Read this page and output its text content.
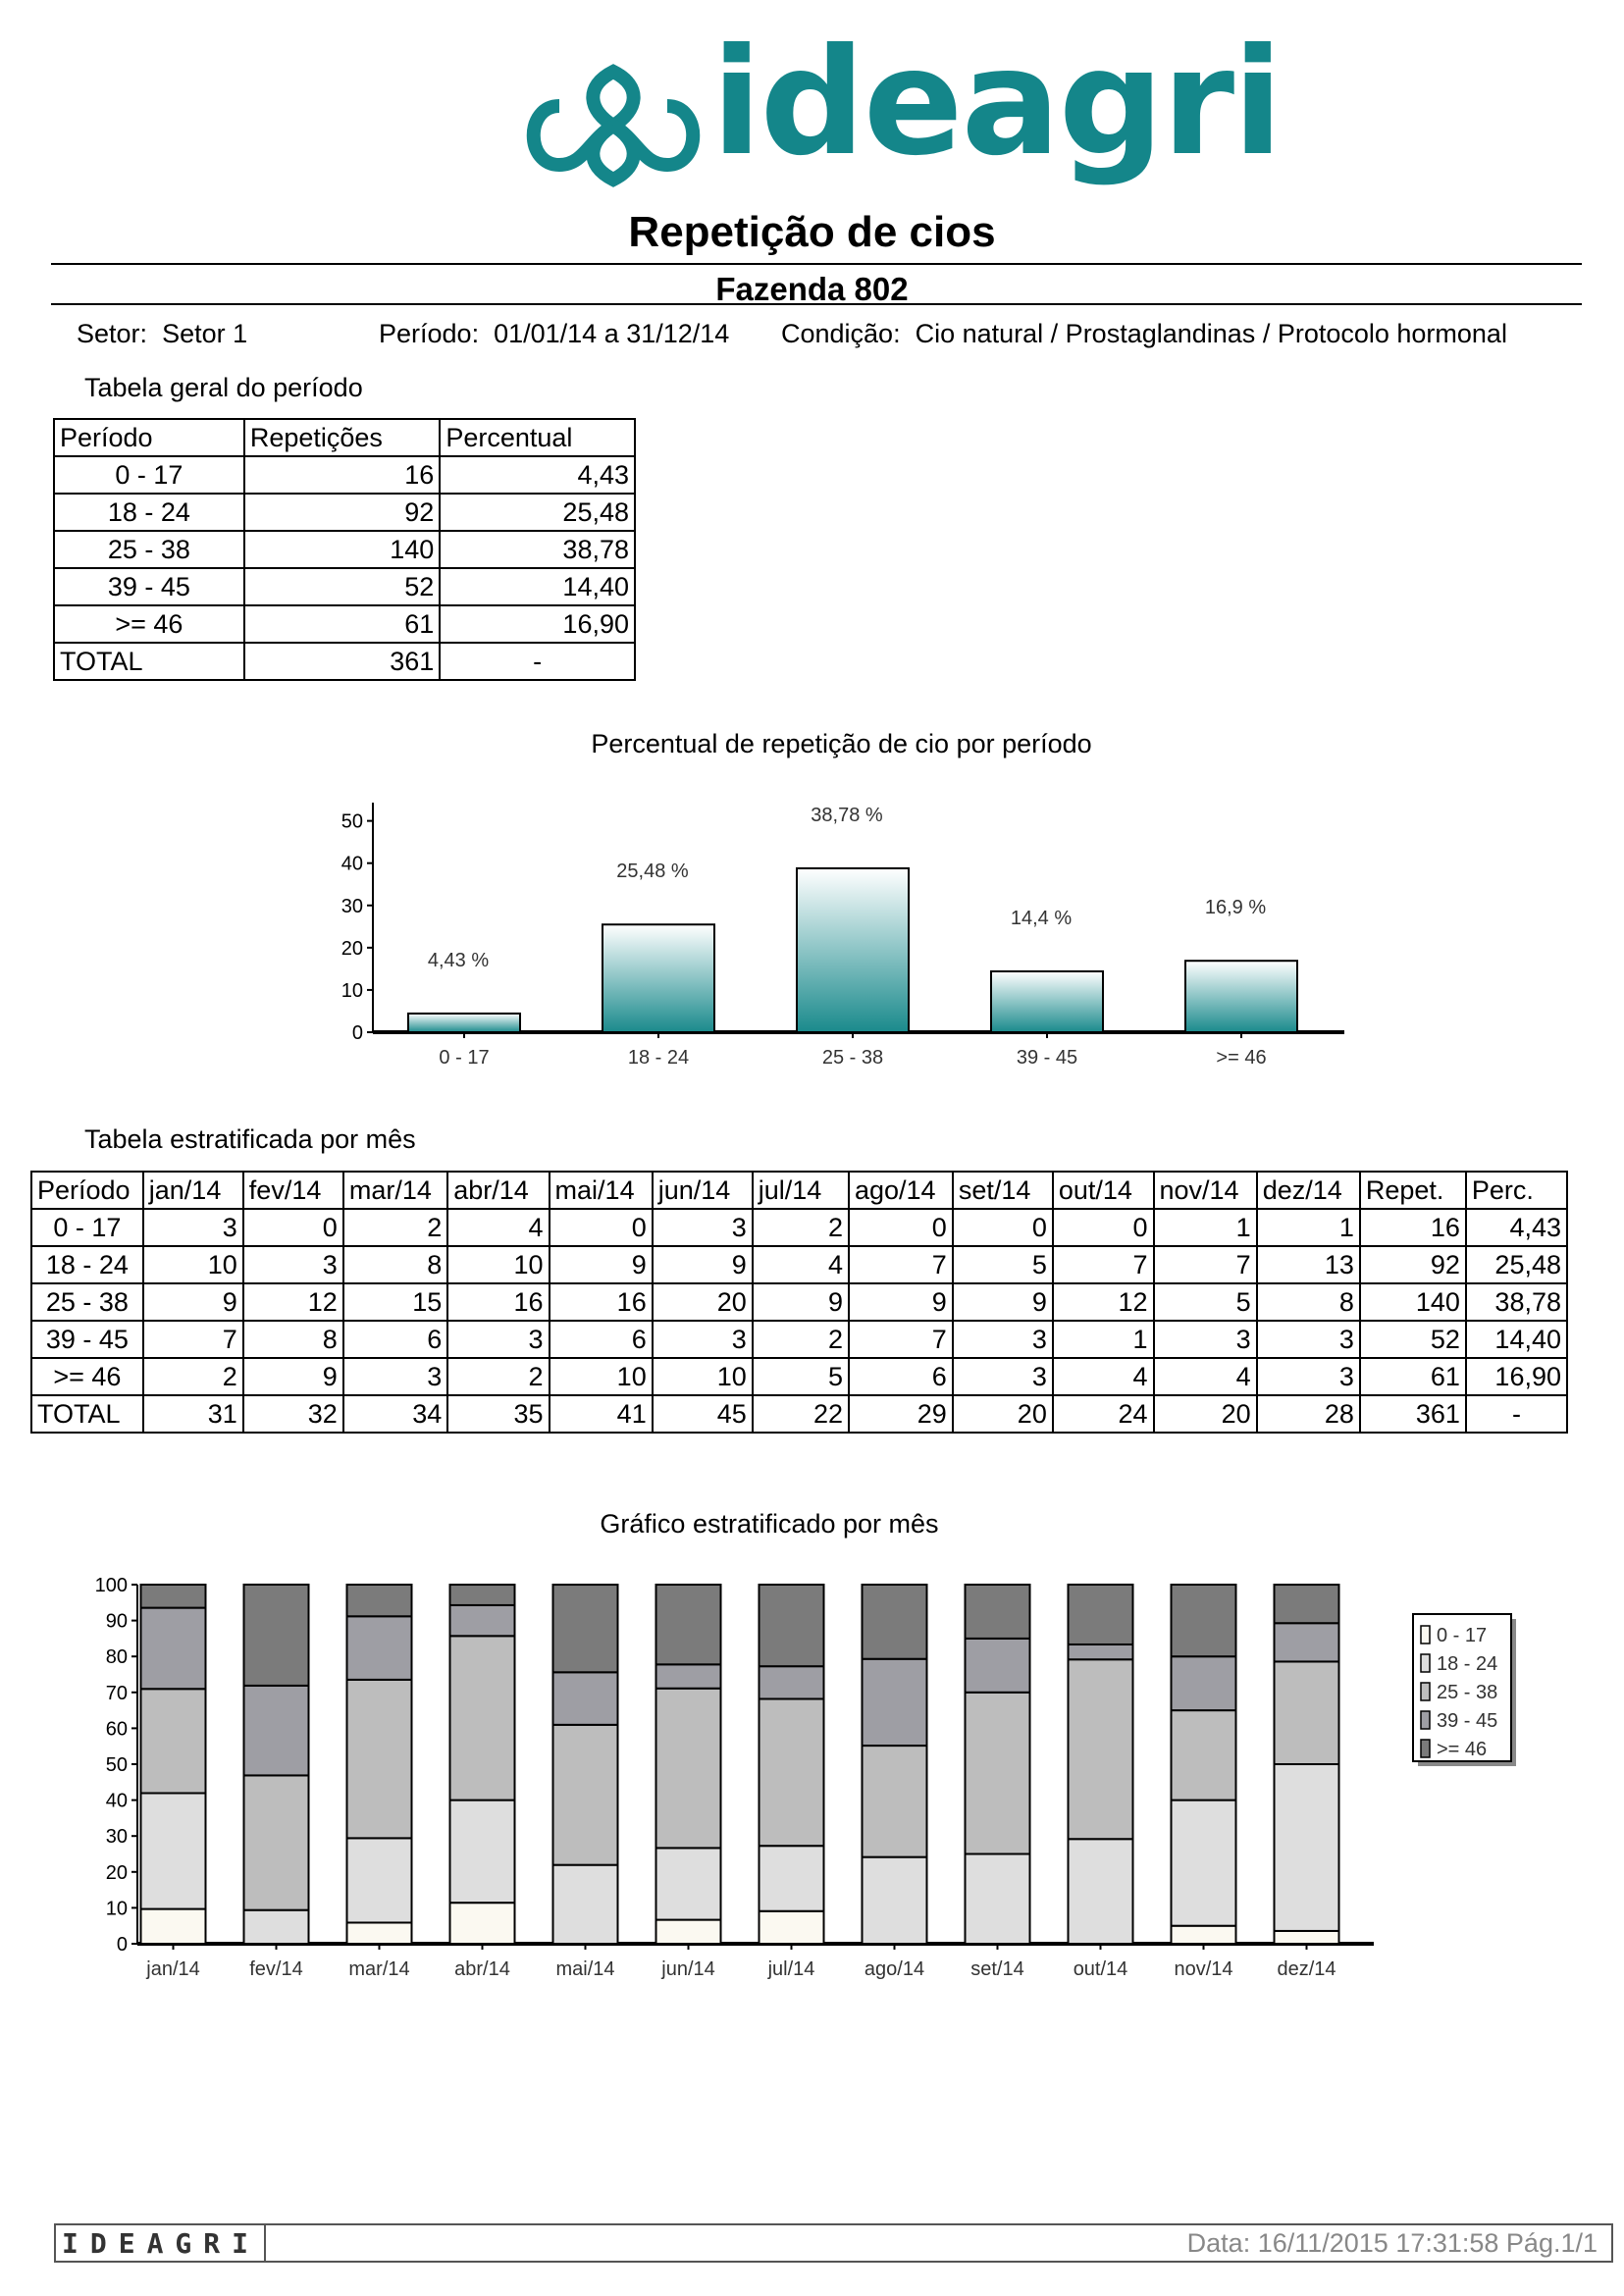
ideagri
Repetição de cios
Fazenda 802
Setor: Setor 1	Período: 01/01/14 a 31/12/14 Condição: Cio natural / Prostaglandinas / Protocolo hormonal
Tabela geral do período
Período	Repetições	Percentual
0 - 17	16	4,43
18 - 24	92	25,48
25 - 38	140	38,78
39 - 45	52	14,40
>= 46	61	16,90
TOTAL	361	-
Percentual de repetição de cio por período
0
10
20
30
40
50
4,43 %
0 - 17
25,48 %
18 - 24
38,78 %
25 - 38
14,4 %
39 - 45
16,9 %
>= 46
Tabela estratificada por mês
Período	jan/14	fev/14	mar/14	abr/14	mai/14	jun/14	jul/14	ago/14	set/14	out/14	nov/14	dez/14	Repet.	Perc.
0 - 17	3	0	2	4	0	3	2	0	0	0	1	1	16	4,43
18 - 24	10	3	8	10	9	9	4	7	5	7	7	13	92	25,48
25 - 38	9	12	15	16	16	20	9	9	9	12	5	8	140	38,78
39 - 45	7	8	6	3	6	3	2	7	3	1	3	3	52	14,40
>= 46	2	9	3	2	10	10	5	6	3	4	4	3	61	16,90
TOTAL	31	32	34	35	41	45	22	29	20	24	20	28	361	-
Gráfico estratificado por mês
0
10
20
30
40
50
60
70
80
90
100
jan/14	fev/14 mar/14 abr/14 mai/14 jun/14	jul/14	ago/14 set/14 out/14 nov/14 dez/14
0 - 17
18 - 24
25 - 38
39 - 45
>= 46
IDEAGRI	Data: 16/11/2015 17:31:58 Pág.1/1
